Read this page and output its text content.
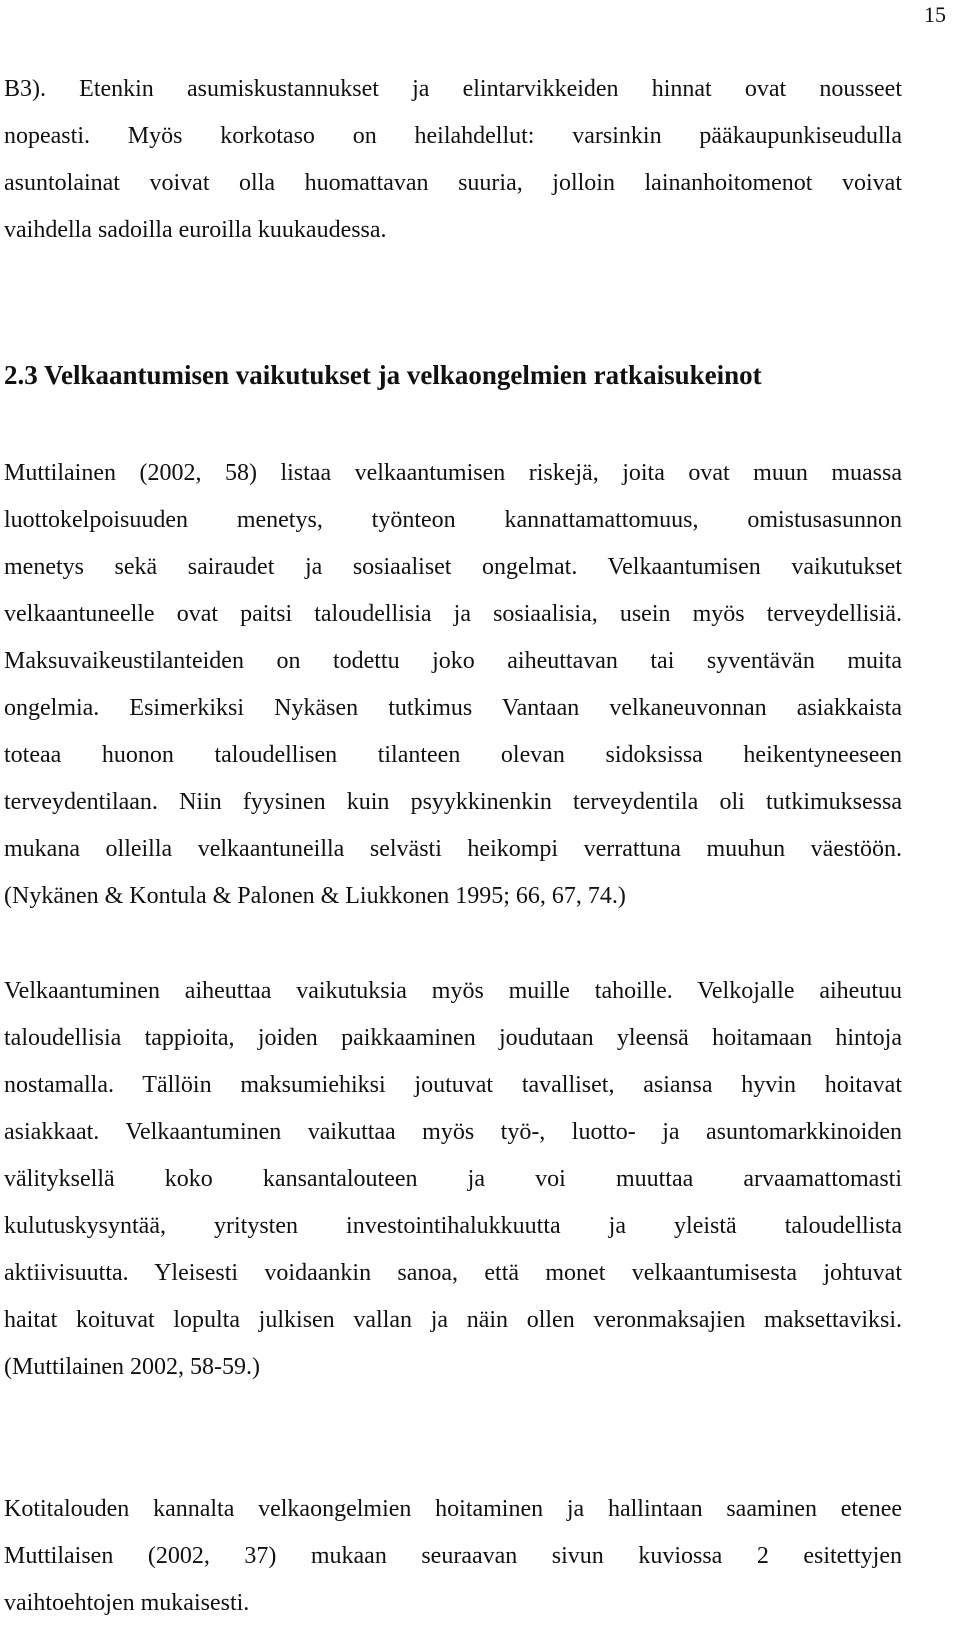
15
B3). Etenkin asumiskustannukset ja elintarvikkeiden hinnat ovat nousseet
nopeasti. Myös korkotaso on heilahdellut: varsinkin pääkaupunkiseudulla
asuntolainat voivat olla huomattavan suuria, jolloin lainanhoitomenot voivat
vaihdella sadoilla euroilla kuukaudessa.
2.3 Velkaantumisen vaikutukset ja velkaongelmien ratkaisukeinot
Muttilainen (2002, 58) listaa velkaantumisen riskejä, joita ovat muun muassa
luottokelpoisuuden menetys, työnteon kannattamattomuus, omistusasunnon
menetys sekä sairaudet ja sosiaaliset ongelmat. Velkaantumisen vaikutukset
velkaantuneelle ovat paitsi taloudellisia ja sosiaalisia, usein myös terveydellisiä.
Maksuvaikeustilanteiden on todettu joko aiheuttavan tai syventävän muita
ongelmia. Esimerkiksi Nykäsen tutkimus Vantaan velkaneuvonnan asiakkaista
toteaa huonon taloudellisen tilanteen olevan sidoksissa heikentyneeseen
terveydentilaan. Niin fyysinen kuin psyykkinenkin terveydentila oli tutkimuksessa
mukana olleilla velkaantuneilla selvästi heikompi verrattuna muuhun väestöön.
(Nykänen & Kontula & Palonen & Liukkonen 1995; 66, 67, 74.)
Velkaantuminen aiheuttaa vaikutuksia myös muille tahoille. Velkojalle aiheutuu
taloudellisia tappioita, joiden paikkaaminen joudutaan yleensä hoitamaan hintoja
nostamalla. Tällöin maksumiehiksi joutuvat tavalliset, asiansa hyvin hoitavat
asiakkaat. Velkaantuminen vaikuttaa myös työ-, luotto- ja asuntomarkkinoiden
välityksellä koko kansantalouteen ja voi muuttaa arvaamattomasti
kulutuskysyntää, yritysten investointihalukkuutta ja yleistä taloudellista
aktiivisuutta. Yleisesti voidaankin sanoa, että monet velkaantumisesta johtuvat
haitat koituvat lopulta julkisen vallan ja näin ollen veronmaksajien maksettaviksi.
(Muttilainen 2002, 58-59.)
Kotitalouden kannalta velkaongelmien hoitaminen ja hallintaan saaminen etenee
Muttilaisen (2002, 37) mukaan seuraavan sivun kuviossa 2 esitettyjen
vaihtoehtojen mukaisesti.
